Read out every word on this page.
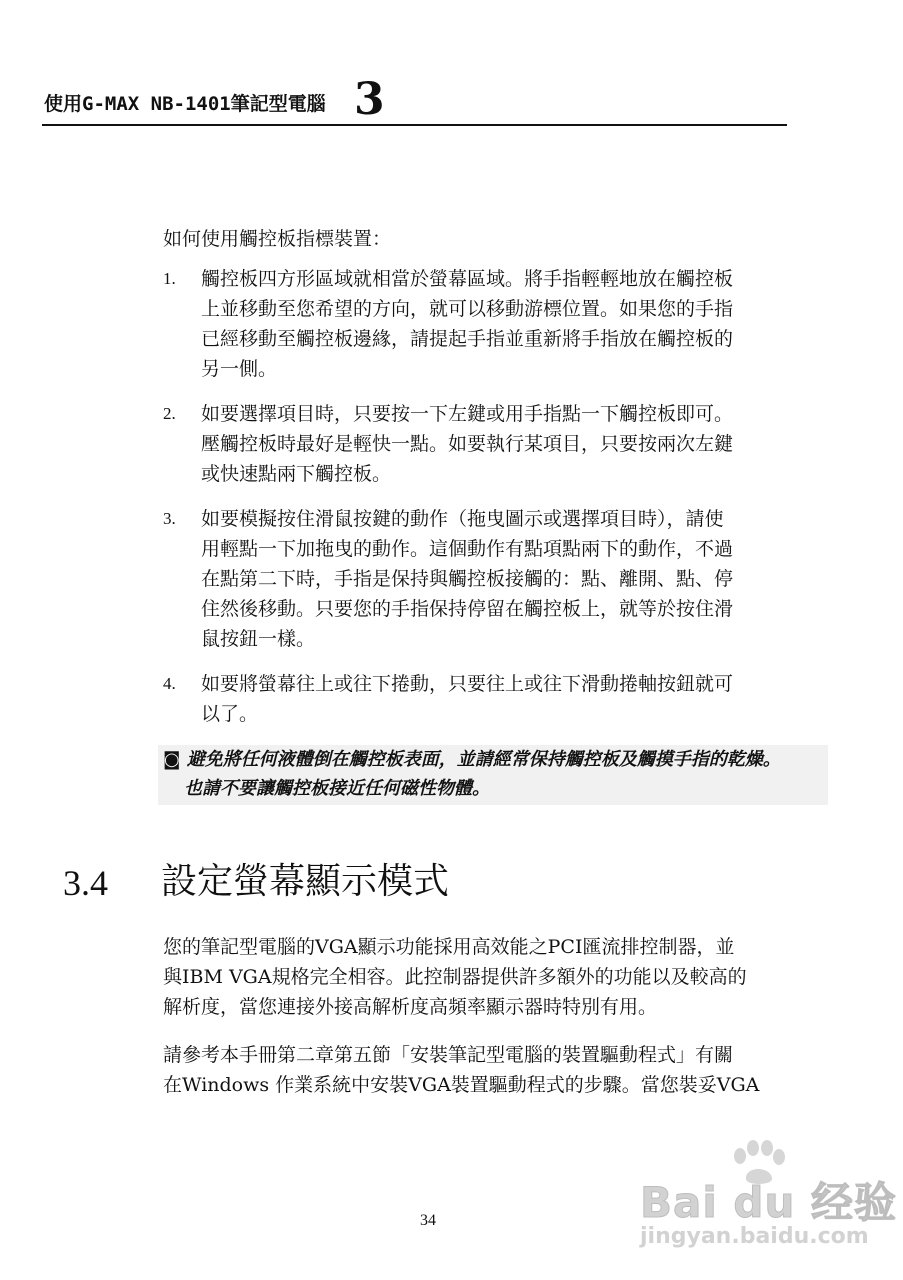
使用G-MAX NB-1401筆記型電腦 3
如何使用觸控板指標裝置：
1. 觸控板四方形區域就相當於螢幕區域。將手指輕輕地放在觸控板
上並移動至您希望的方向，就可以移動游標位置。如果您的手指
已經移動至觸控板邊緣，請提起手指並重新將手指放在觸控板的
另一側。
2. 如要選擇項目時，只要按一下左鍵或用手指點一下觸控板即可。
壓觸控板時最好是輕快一點。如要執行某項目，只要按兩次左鍵
或快速點兩下觸控板。
3. 如要模擬按住滑鼠按鍵的動作（拖曳圖示或選擇項目時），請使
用輕點一下加拖曳的動作。這個動作有點項點兩下的動作，不過
在點第二下時，手指是保持與觸控板接觸的：點、離開、點、停
住然後移動。只要您的手指保持停留在觸控板上，就等於按住滑
鼠按鈕一樣。
4. 如要將螢幕往上或往下捲動，只要往上或往下滑動捲軸按鈕就可
以了。
◙ 避免將任何液體倒在觸控板表面，並請經常保持觸控板及觸摸手指的乾燥。
也請不要讓觸控板接近任何磁性物體。
3.4 設定螢幕顯示模式
您的筆記型電腦的VGA顯示功能採用高效能之PCI匯流排控制器，並
與IBM VGA規格完全相容。此控制器提供許多額外的功能以及較高的
解析度，當您連接外接高解析度高頻率顯示器時特別有用。
請參考本手冊第二章第五節「安裝筆記型電腦的裝置驅動程式」有關
在Windows 作業系統中安裝VGA裝置驅動程式的步驟。當您裝妥VGA
34	Bai du 经验
jingyan.baidu.com
